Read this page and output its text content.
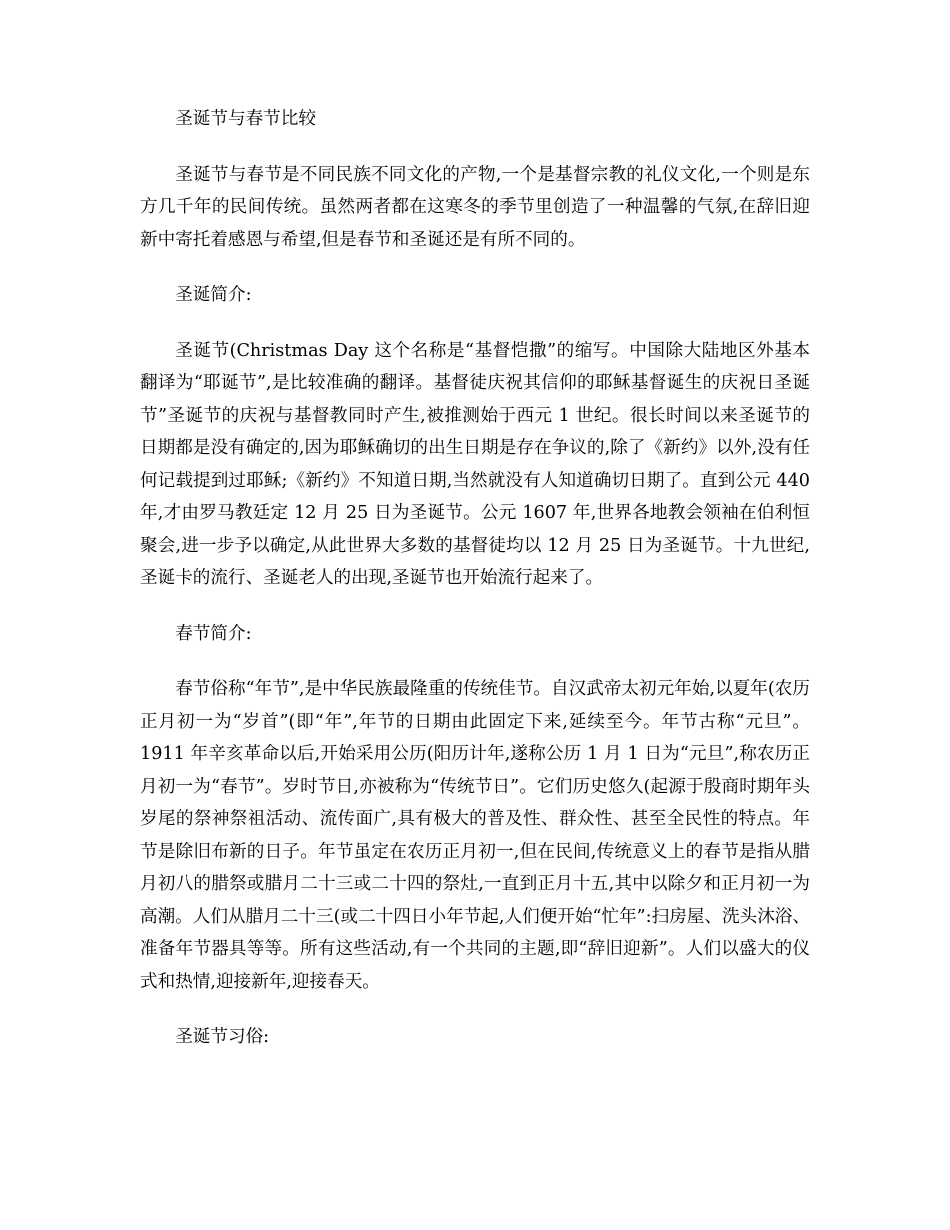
圣诞节与春节比较

圣诞节与春节是不同民族不同文化的产物,一个是基督宗教的礼仪文化,一个则是东方几千年的民间传统。虽然两者都在这寒冬的季节里创造了一种温馨的气氛,在辞旧迎新中寄托着感恩与希望,但是春节和圣诞还是有所不同的。

圣诞简介:

圣诞节(Christmas Day 这个名称是“基督恺撒”的缩写。中国除大陆地区外基本翻译为“耶诞节”,是比较准确的翻译。基督徒庆祝其信仰的耶稣基督诞生的庆祝日圣诞节”圣诞节的庆祝与基督教同时产生,被推测始于西元 1 世纪。很长时间以来圣诞节的日期都是没有确定的,因为耶稣确切的出生日期是存在争议的,除了《新约》以外,没有任何记载提到过耶稣;《新约》不知道日期,当然就没有人知道确切日期了。直到公元 440 年,才由罗马教廷定 12 月 25 日为圣诞节。公元 1607 年,世界各地教会领袖在伯利恒聚会,进一步予以确定,从此世界大多数的基督徒均以 12 月 25 日为圣诞节。十九世纪,圣诞卡的流行、圣诞老人的出现,圣诞节也开始流行起来了。

春节简介:

春节俗称“年节”,是中华民族最隆重的传统佳节。自汉武帝太初元年始,以夏年(农历正月初一为“岁首”(即“年”,年节的日期由此固定下来,延续至今。年节古称“元旦”。1911 年辛亥革命以后,开始采用公历(阳历计年,遂称公历 1 月 1 日为“元旦”,称农历正月初一为“春节”。岁时节日,亦被称为“传统节日”。它们历史悠久(起源于殷商时期年头岁尾的祭神祭祖活动、流传面广,具有极大的普及性、群众性、甚至全民性的特点。年节是除旧布新的日子。年节虽定在农历正月初一,但在民间,传统意义上的春节是指从腊月初八的腊祭或腊月二十三或二十四的祭灶,一直到正月十五,其中以除夕和正月初一为高潮。人们从腊月二十三(或二十四日小年节起,人们便开始“忙年”:扫房屋、洗头沐浴、准备年节器具等等。所有这些活动,有一个共同的主题,即“辞旧迎新”。人们以盛大的仪式和热情,迎接新年,迎接春天。

圣诞节习俗:
